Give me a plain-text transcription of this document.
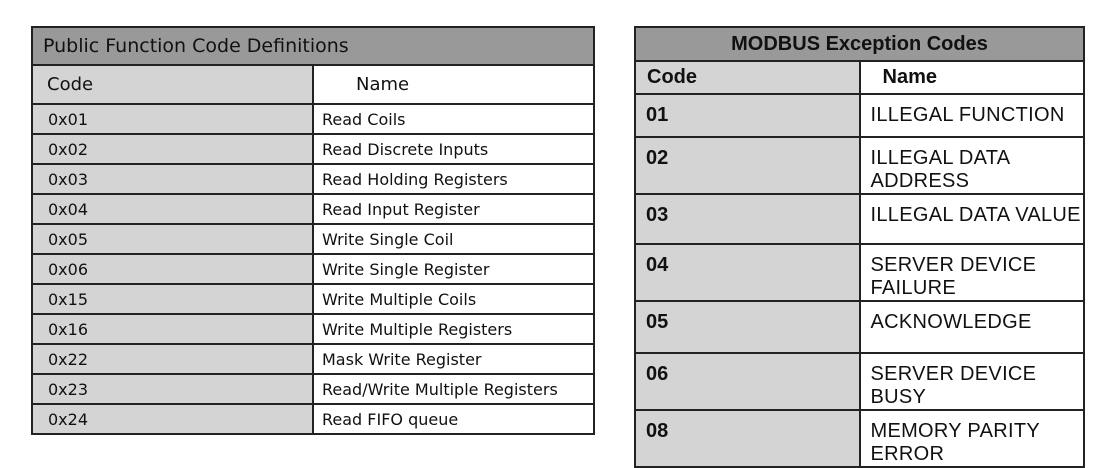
Public Function Code Definitions	
Code	Name
0x01	Read Coils
0x02	Read Discrete Inputs
0x03	Read Holding Registers
0x04	Read Input Register
0x05	Write Single Coil
0x06	Write Single Register
0x15	Write Multiple Coils
0x16	Write Multiple Registers
0x22	Mask Write Register
0x23	Read/Write Multiple Registers
0x24	Read FIFO queue
MODBUS Exception Codes	
Code	Name
01	ILLEGAL FUNCTION
02	ILLEGAL DATA ADDRESS
03	ILLEGAL DATA VALUE
04	SERVER DEVICE FAILURE
05	ACKNOWLEDGE
06	SERVER DEVICE BUSY
08	MEMORY PARITY ERROR
